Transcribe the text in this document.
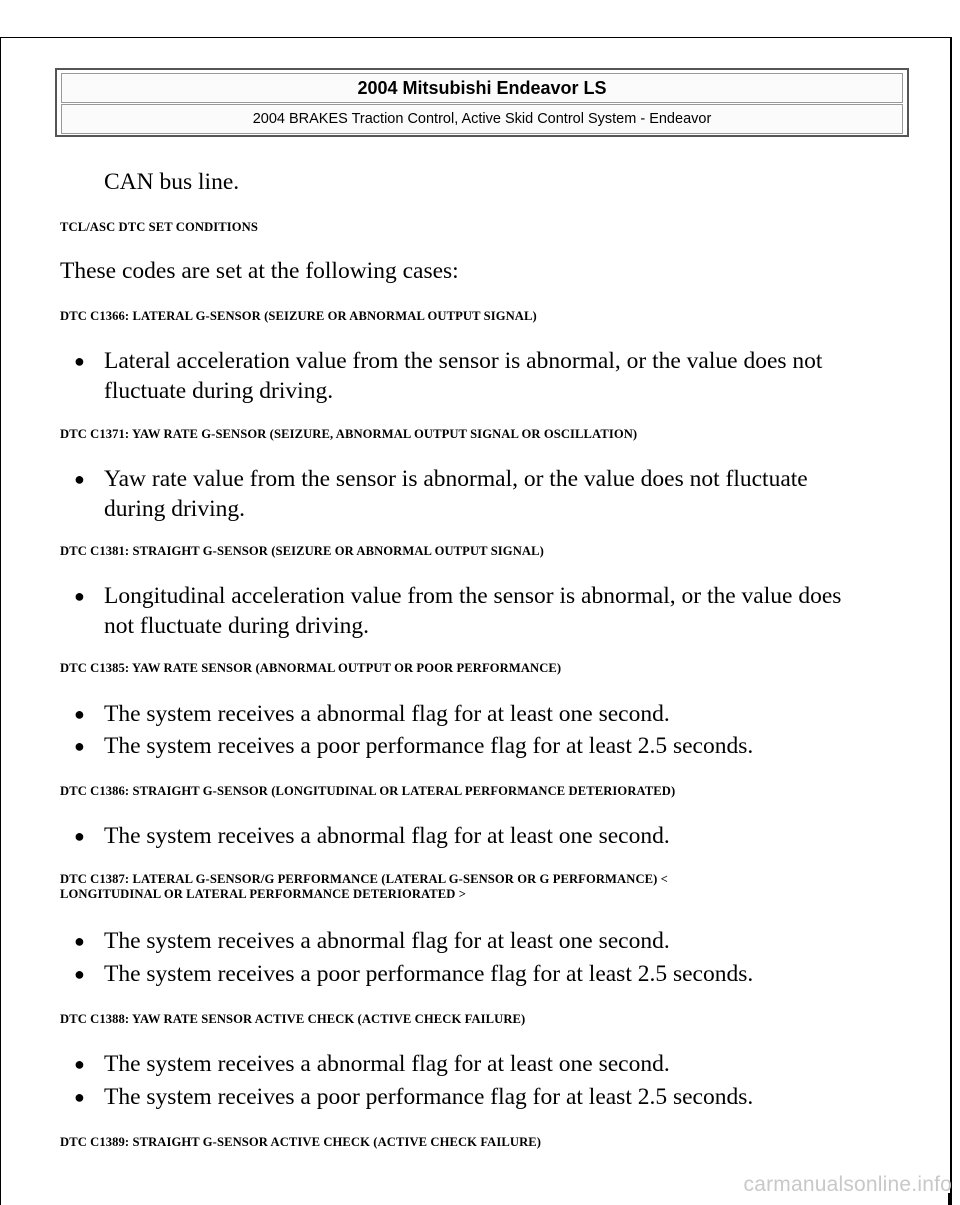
2004 Mitsubishi Endeavor LS
2004 BRAKES Traction Control, Active Skid Control System - Endeavor
CAN bus line.
TCL/ASC DTC SET CONDITIONS
These codes are set at the following cases:
DTC C1366: LATERAL G-SENSOR (SEIZURE OR ABNORMAL OUTPUT SIGNAL)
● Lateral acceleration value from the sensor is abnormal, or the value does not
fluctuate during driving.
DTC C1371: YAW RATE G-SENSOR (SEIZURE, ABNORMAL OUTPUT SIGNAL OR OSCILLATION)
● Yaw rate value from the sensor is abnormal, or the value does not fluctuate
during driving.
DTC C1381: STRAIGHT G-SENSOR (SEIZURE OR ABNORMAL OUTPUT SIGNAL)
● Longitudinal acceleration value from the sensor is abnormal, or the value does
not fluctuate during driving.
DTC C1385: YAW RATE SENSOR (ABNORMAL OUTPUT OR POOR PERFORMANCE)
● The system receives a abnormal flag for at least one second.
● The system receives a poor performance flag for at least 2.5 seconds.
DTC C1386: STRAIGHT G-SENSOR (LONGITUDINAL OR LATERAL PERFORMANCE DETERIORATED)
● The system receives a abnormal flag for at least one second.
DTC C1387: LATERAL G-SENSOR/G PERFORMANCE (LATERAL G-SENSOR OR G PERFORMANCE) <
LONGITUDINAL OR LATERAL PERFORMANCE DETERIORATED >
● The system receives a abnormal flag for at least one second.
● The system receives a poor performance flag for at least 2.5 seconds.
DTC C1388: YAW RATE SENSOR ACTIVE CHECK (ACTIVE CHECK FAILURE)
● The system receives a abnormal flag for at least one second.
● The system receives a poor performance flag for at least 2.5 seconds.
DTC C1389: STRAIGHT G-SENSOR ACTIVE CHECK (ACTIVE CHECK FAILURE)
carmanualsonline.info
